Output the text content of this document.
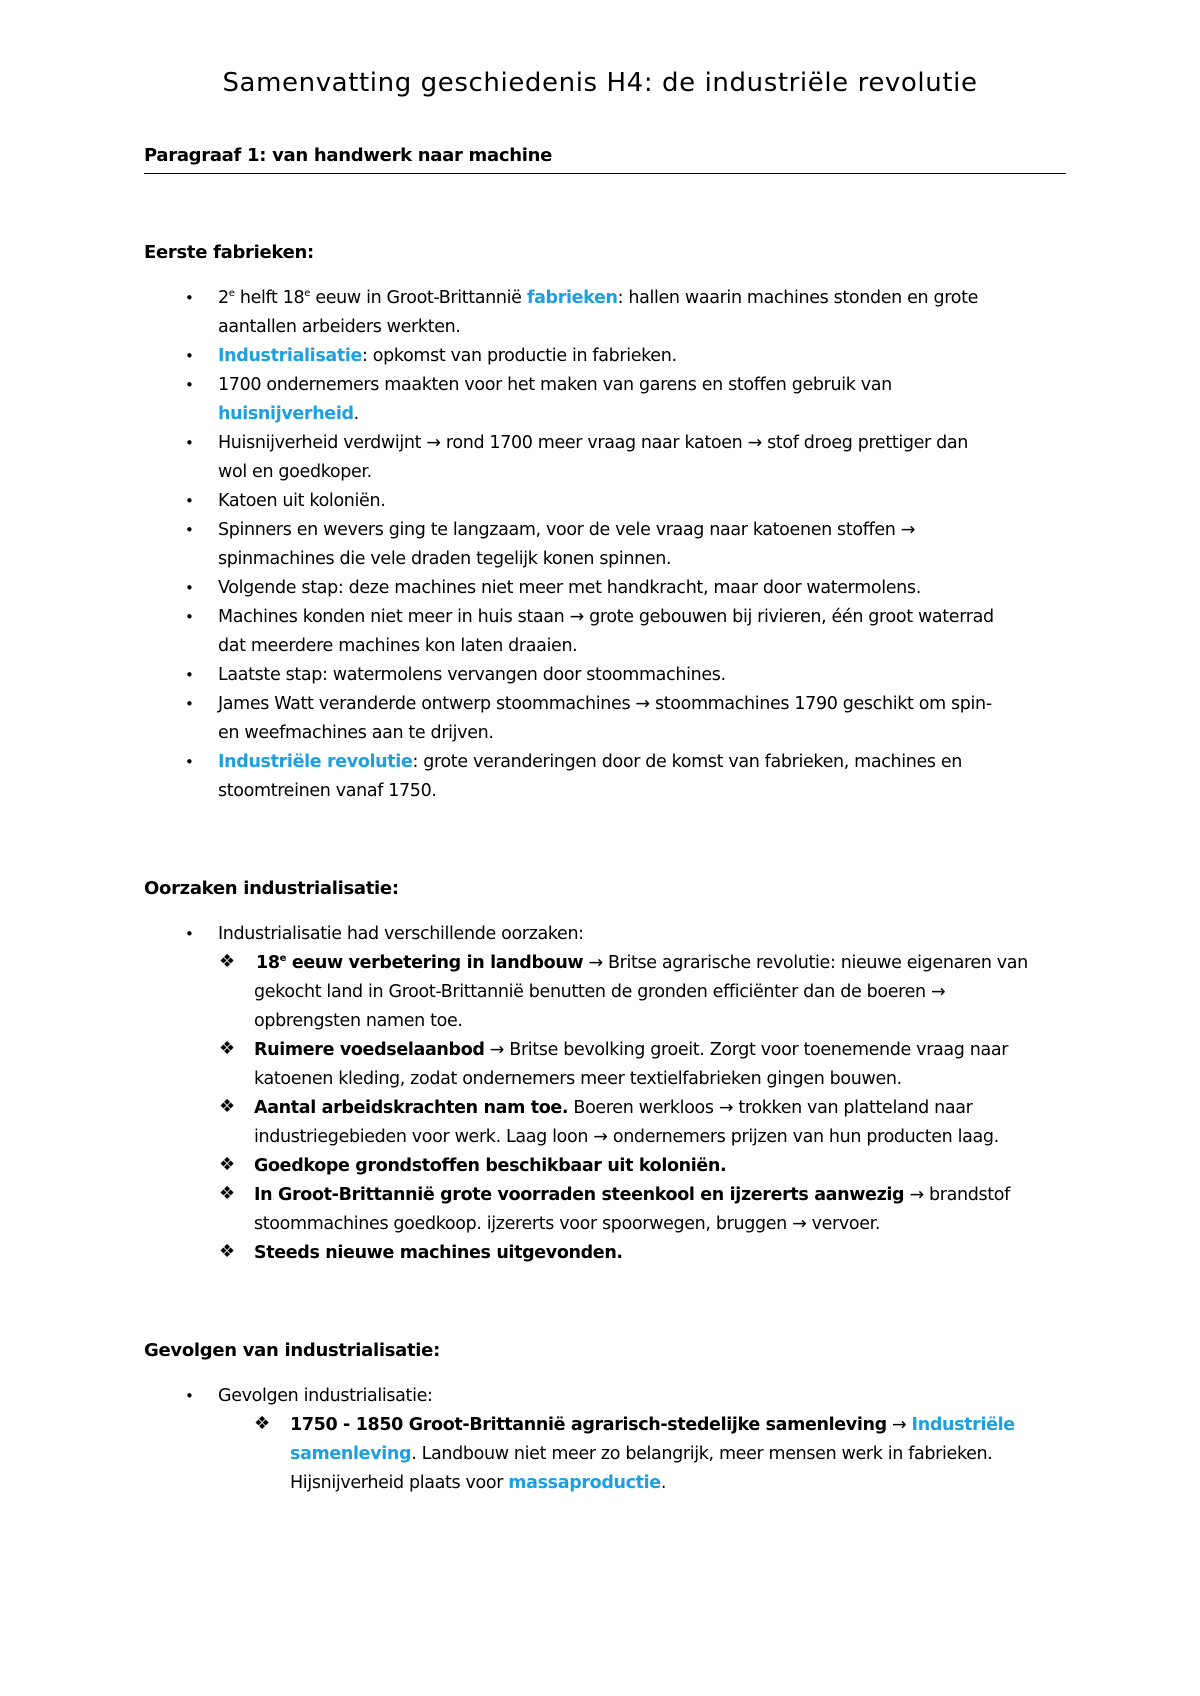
Samenvatting geschiedenis H4: de industriële revolutie
Paragraaf 1: van handwerk naar machine
Eerste fabrieken:
• 2e helft 18e eeuw in Groot-Brittannië fabrieken: hallen waarin machines stonden en grote
aantallen arbeiders werkten.
• Industrialisatie: opkomst van productie in fabrieken.
• 1700 ondernemers maakten voor het maken van garens en stoffen gebruik van
huisnijverheid.
• Huisnijverheid verdwijnt → rond 1700 meer vraag naar katoen → stof droeg prettiger dan
wol en goedkoper.
• Katoen uit koloniën.
• Spinners en wevers ging te langzaam, voor de vele vraag naar katoenen stoffen →
spinmachines die vele draden tegelijk konen spinnen.
• Volgende stap: deze machines niet meer met handkracht, maar door watermolens.
• Machines konden niet meer in huis staan → grote gebouwen bij rivieren, één groot waterrad
dat meerdere machines kon laten draaien.
• Laatste stap: watermolens vervangen door stoommachines.
• James Watt veranderde ontwerp stoommachines → stoommachines 1790 geschikt om spin-
en weefmachines aan te drijven.
• Industriële revolutie: grote veranderingen door de komst van fabrieken, machines en
stoomtreinen vanaf 1750.
Oorzaken industrialisatie:
• Industrialisatie had verschillende oorzaken:
❖ 18e eeuw verbetering in landbouw → Britse agrarische revolutie: nieuwe eigenaren van
gekocht land in Groot-Brittannië benutten de gronden efficiënter dan de boeren →
opbrengsten namen toe.
❖ Ruimere voedselaanbod → Britse bevolking groeit. Zorgt voor toenemende vraag naar
katoenen kleding, zodat ondernemers meer textielfabrieken gingen bouwen.
❖ Aantal arbeidskrachten nam toe. Boeren werkloos → trokken van platteland naar
industriegebieden voor werk. Laag loon → ondernemers prijzen van hun producten laag.
❖ Goedkope grondstoffen beschikbaar uit koloniën.
❖ In Groot-Brittannië grote voorraden steenkool en ijzererts aanwezig → brandstof
stoommachines goedkoop. ijzererts voor spoorwegen, bruggen → vervoer.
❖ Steeds nieuwe machines uitgevonden.
Gevolgen van industrialisatie:
• Gevolgen industrialisatie:
❖ 1750 - 1850 Groot-Brittannië agrarisch-stedelijke samenleving → Industriële
samenleving. Landbouw niet meer zo belangrijk, meer mensen werk in fabrieken.
Hijsnijverheid plaats voor massaproductie.
